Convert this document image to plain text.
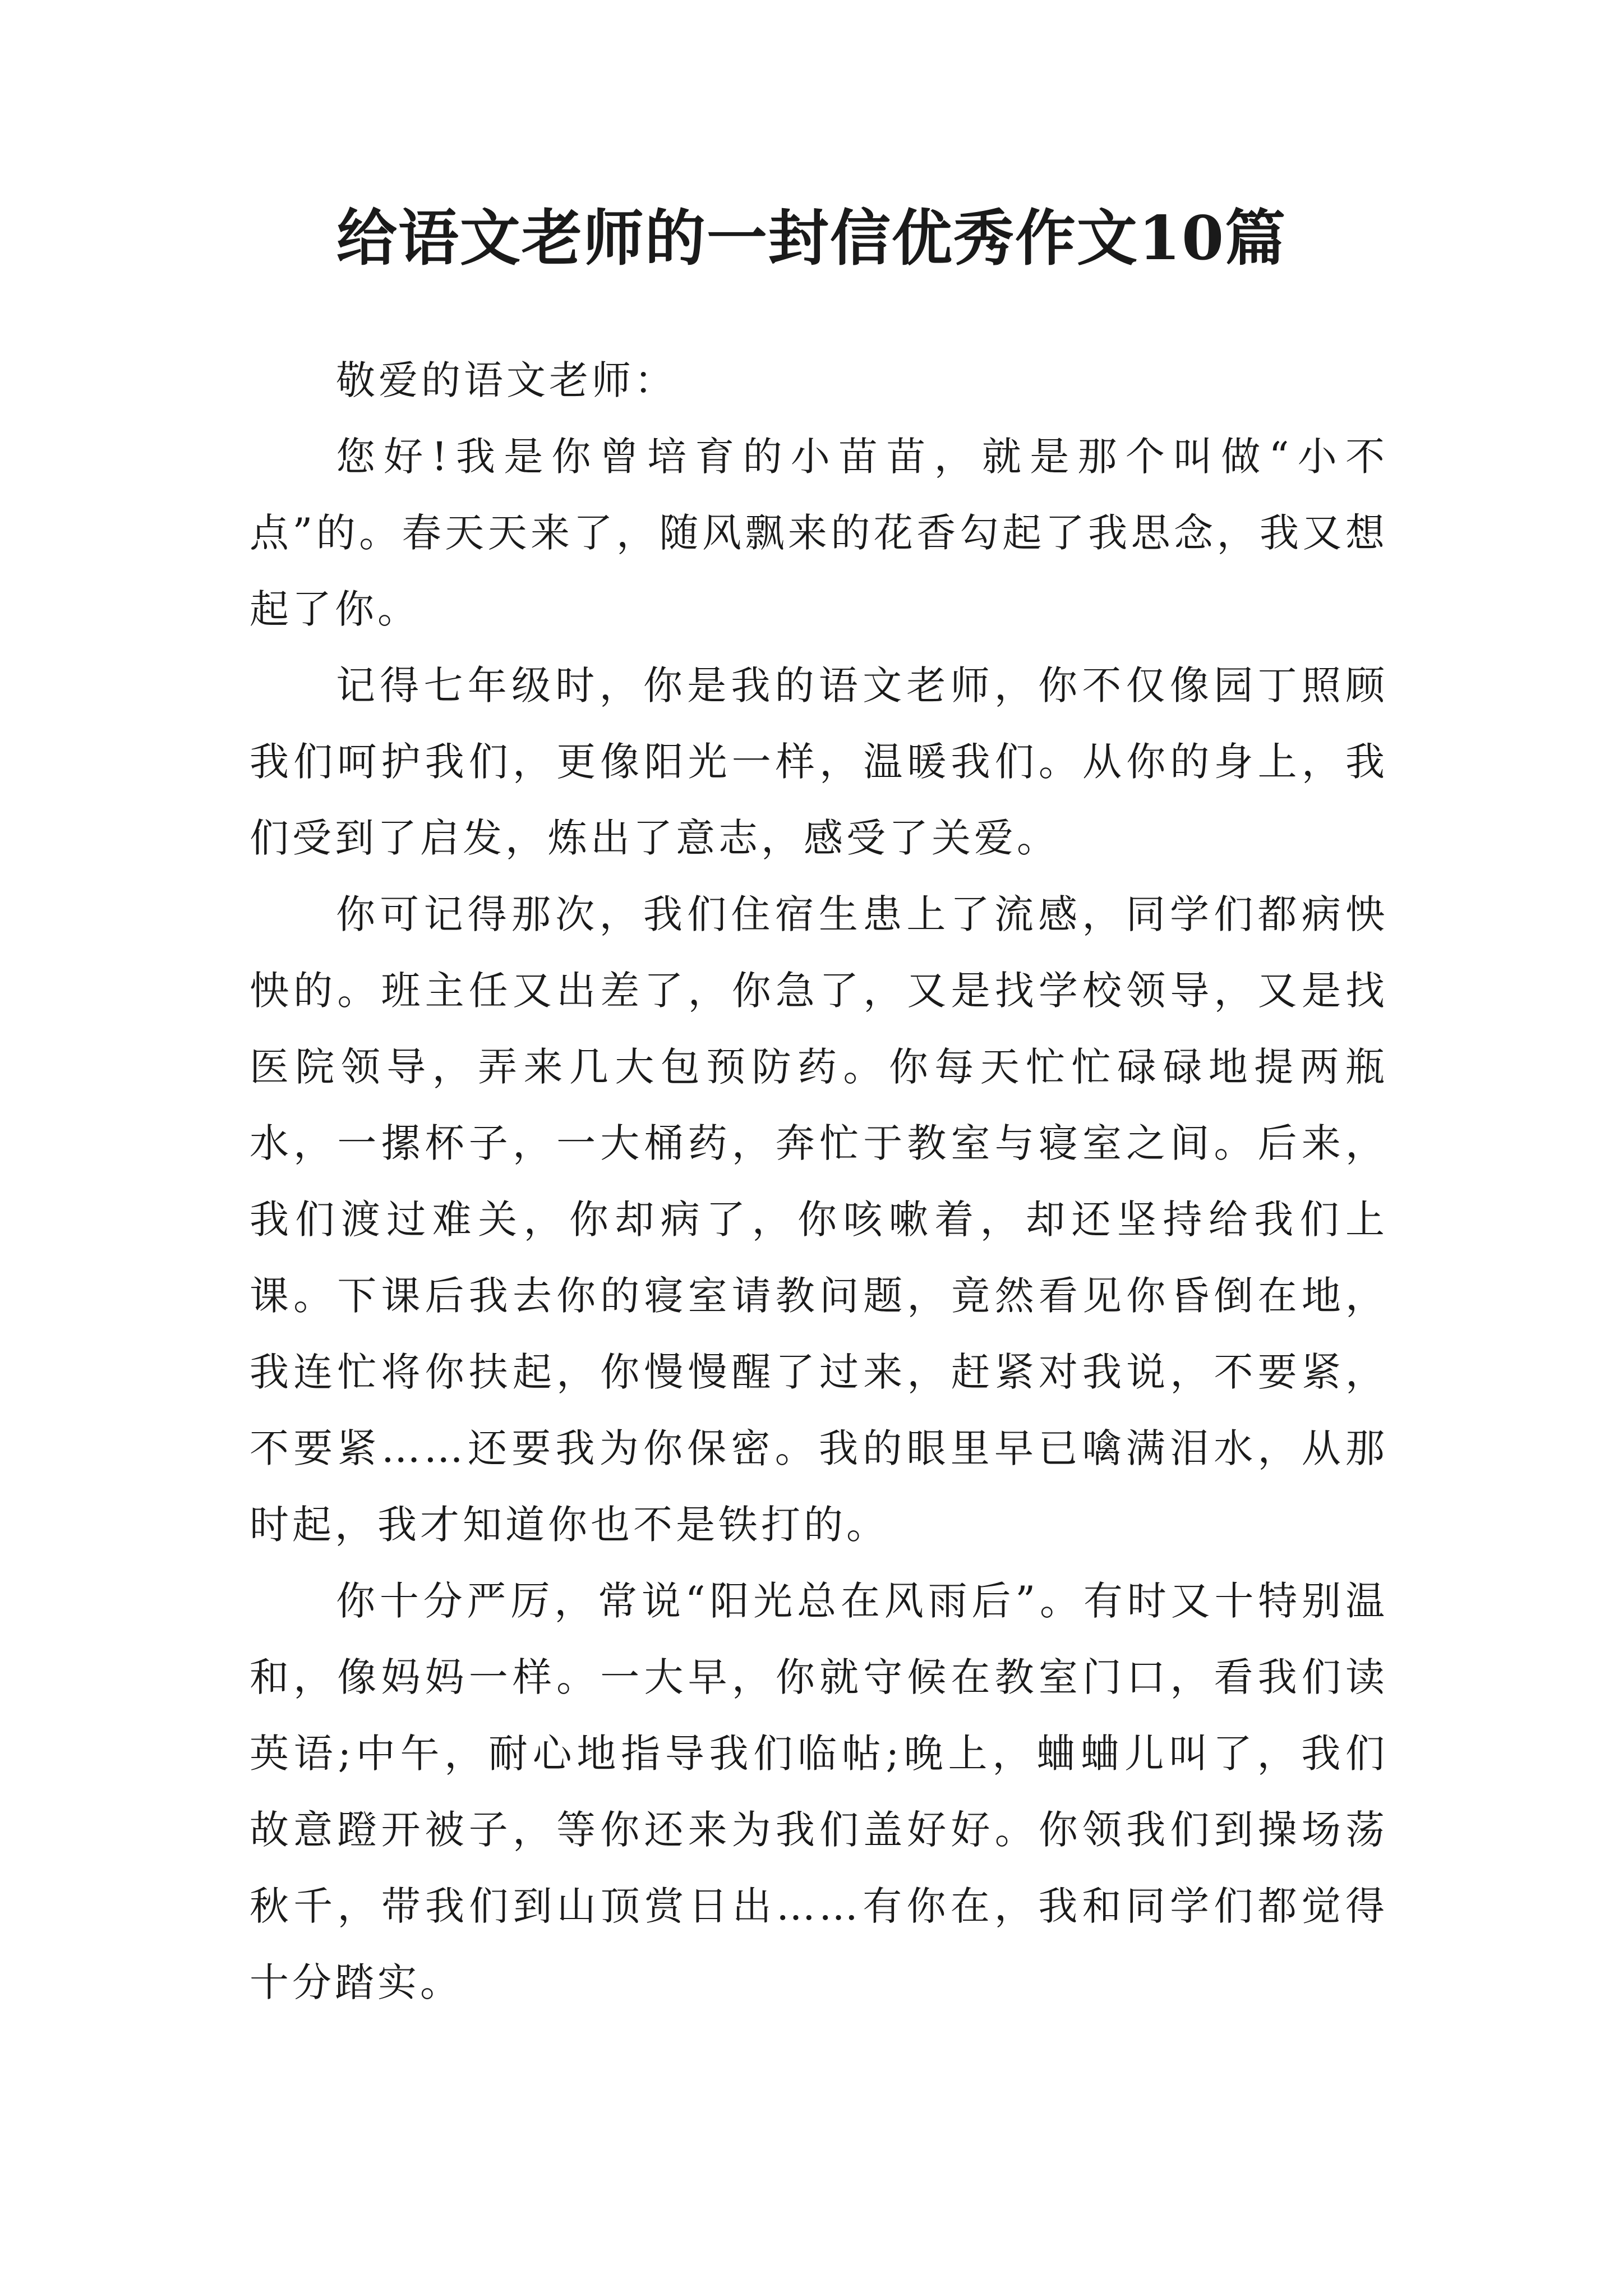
给语文老师的一封信优秀作文10篇

敬爱的语文老师：

您好!我是你曾培育的小苗苗，就是那个叫做“小不点”的。春天天来了，随风飘来的花香勾起了我思念，我又想起了你。

记得七年级时，你是我的语文老师，你不仅像园丁照顾我们呵护我们，更像阳光一样，温暖我们。从你的身上，我们受到了启发，炼出了意志，感受了关爱。

你可记得那次，我们住宿生患上了流感，同学们都病怏怏的。班主任又出差了，你急了，又是找学校领导，又是找医院领导，弄来几大包预防药。你每天忙忙碌碌地提两瓶水，一摞杯子，一大桶药，奔忙于教室与寝室之间。后来，我们渡过难关，你却病了，你咳嗽着，却还坚持给我们上课。下课后我去你的寝室请教问题，竟然看见你昏倒在地，我连忙将你扶起，你慢慢醒了过来，赶紧对我说，不要紧，不要紧……还要我为你保密。我的眼里早已噙满泪水，从那时起，我才知道你也不是铁打的。

你十分严厉，常说“阳光总在风雨后”。有时又十特别温和，像妈妈一样。一大早，你就守候在教室门口，看我们读英语;中午，耐心地指导我们临帖;晚上，蛐蛐儿叫了，我们故意蹬开被子，等你还来为我们盖好好。你领我们到操场荡秋千，带我们到山顶赏日出……有你在，我和同学们都觉得十分踏实。
